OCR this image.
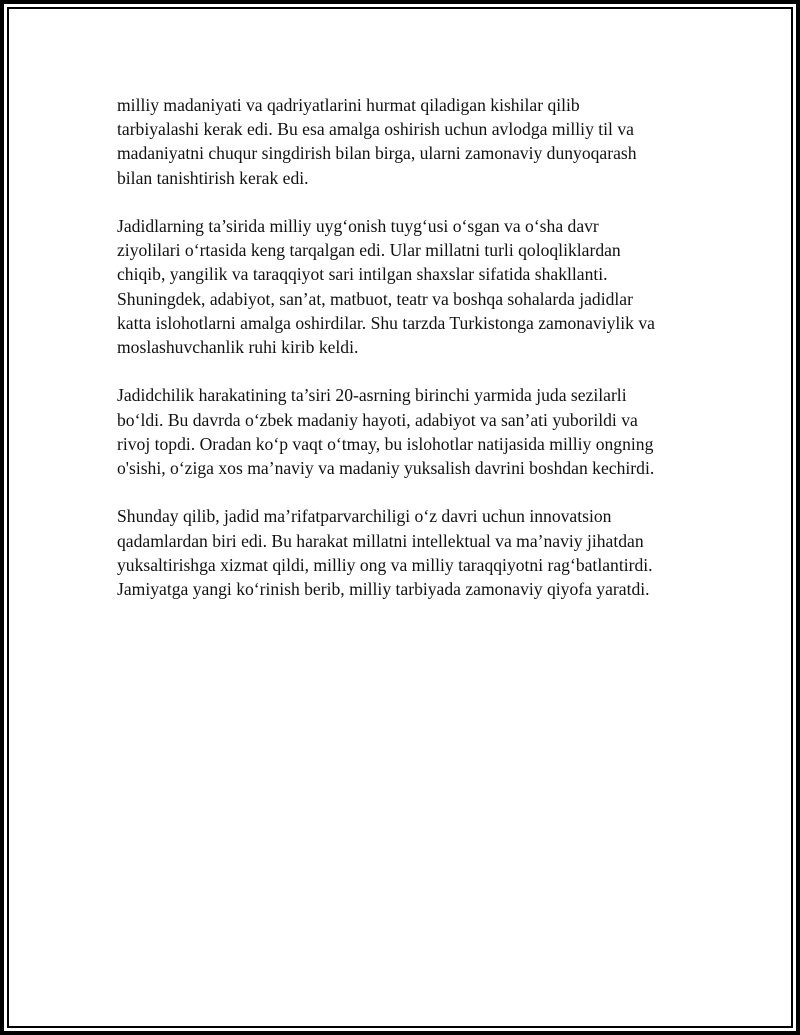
milliy madaniyati va qadriyatlarini hurmat qiladigan kishilar qilib
tarbiyalashi kerak edi. Bu esa amalga oshirish uchun avlodga milliy til va
madaniyatni chuqur singdirish bilan birga, ularni zamonaviy dunyoqarash
bilan tanishtirish kerak edi.

Jadidlarning ta’sirida milliy uyg‘onish tuyg‘usi o‘sgan va o‘sha davr
ziyolilari o‘rtasida keng tarqalgan edi. Ular millatni turli qoloqliklardan
chiqib, yangilik va taraqqiyot sari intilgan shaxslar sifatida shakllanti.
Shuningdek, adabiyot, san’at, matbuot, teatr va boshqa sohalarda jadidlar
katta islohotlarni amalga oshirdilar. Shu tarzda Turkistonga zamonaviylik va
moslashuvchanlik ruhi kirib keldi.

Jadidchilik harakatining ta’siri 20-asrning birinchi yarmida juda sezilarli
bo‘ldi. Bu davrda o‘zbek madaniy hayoti, adabiyot va san’ati yuborildi va
rivoj topdi. Oradan ko‘p vaqt o‘tmay, bu islohotlar natijasida milliy ongning
o'sishi, o‘ziga xos ma’naviy va madaniy yuksalish davrini boshdan kechirdi.

Shunday qilib, jadid ma’rifatparvarchiligi o‘z davri uchun innovatsion
qadamlardan biri edi. Bu harakat millatni intellektual va ma’naviy jihatdan
yuksaltirishga xizmat qildi, milliy ong va milliy taraqqiyotni rag‘batlantirdi.
Jamiyatga yangi ko‘rinish berib, milliy tarbiyada zamonaviy qiyofa yaratdi.
